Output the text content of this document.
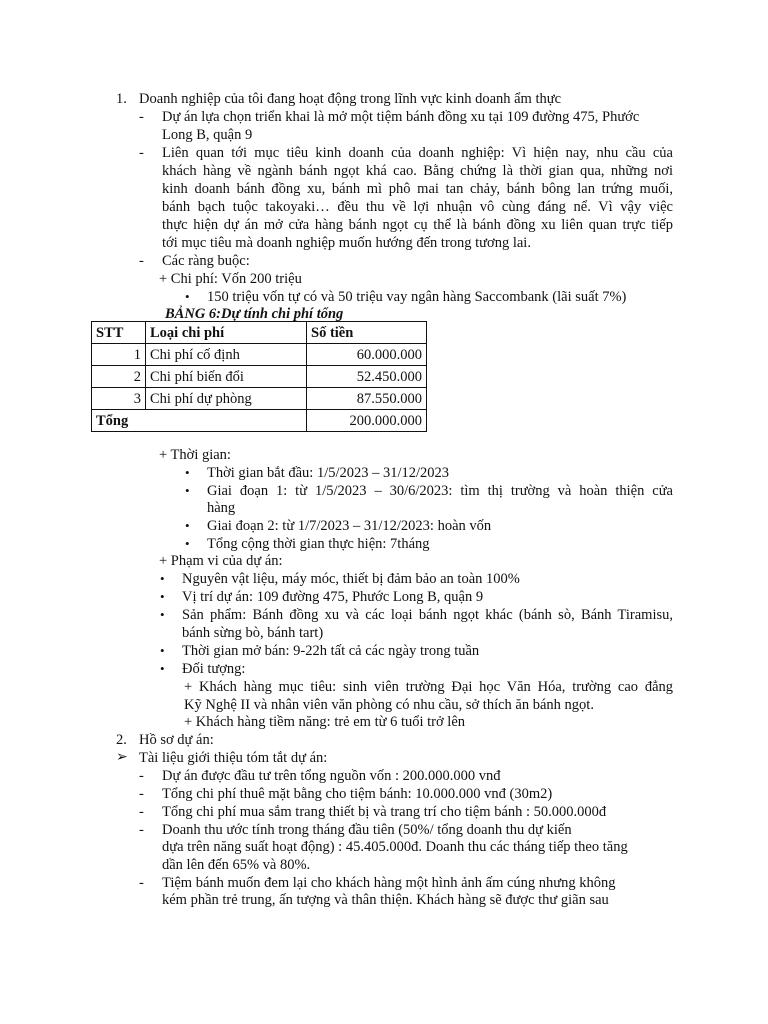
1. Doanh nghiệp của tôi đang hoạt động trong lĩnh vực kinh doanh ẩm thực
- Dự án lựa chọn triển khai là mở một tiệm bánh đồng xu tại 109 đường 475, Phước
Long B, quận 9
- Liên quan tới mục tiêu kinh doanh của doanh nghiệp: Vì hiện nay, nhu cầu của
khách hàng về ngành bánh ngọt khá cao. Bằng chứng là thời gian qua, những nơi
kinh doanh bánh đồng xu, bánh mì phô mai tan chảy, bánh bông lan trứng muối,
bánh bạch tuộc takoyaki… đều thu về lợi nhuận vô cùng đáng nể. Vì vậy việc
thực hiện dự án mở cửa hàng bánh ngọt cụ thể là bánh đồng xu liên quan trực tiếp
tới mục tiêu mà doanh nghiệp muốn hướng đến trong tương lai.
- Các ràng buộc:
+ Chi phí: Vốn 200 triệu
• 150 triệu vốn tự có và 50 triệu vay ngân hàng Saccombank (lãi suất 7%)
BẢNG 6:Dự tính chi phí tổng
STT	Loại chi phí	Số tiền
1	Chi phí cố định	60.000.000
2	Chi phí biến đổi	52.450.000
3	Chi phí dự phòng	87.550.000
Tổng		200.000.000
+ Thời gian:
• Thời gian bắt đầu: 1/5/2023 – 31/12/2023
• Giai đoạn 1: từ 1/5/2023 – 30/6/2023: tìm thị trường và hoàn thiện cửa
hàng
• Giai đoạn 2: từ 1/7/2023 – 31/12/2023: hoàn vốn
• Tổng cộng thời gian thực hiện: 7tháng
+ Phạm vi của dự án:
• Nguyên vật liệu, máy móc, thiết bị đảm bảo an toàn 100%
• Vị trí dự án: 109 đường 475, Phước Long B, quận 9
• Sản phẩm: Bánh đồng xu và các loại bánh ngọt khác (bánh sò, Bánh Tiramisu,
bánh sừng bò, bánh tart)
• Thời gian mở bán: 9-22h tất cả các ngày trong tuần
• Đối tượng:
+ Khách hàng mục tiêu: sinh viên trường Đại học Văn Hóa, trường cao đẳng
Kỹ Nghệ II và nhân viên văn phòng có nhu cầu, sở thích ăn bánh ngọt.
+ Khách hàng tiềm năng: trẻ em từ 6 tuổi trở lên
2. Hồ sơ dự án:
➢ Tài liệu giới thiệu tóm tắt dự án:
- Dự án được đầu tư trên tổng nguồn vốn : 200.000.000 vnđ
- Tổng chi phí thuê mặt bằng cho tiệm bánh: 10.000.000 vnđ (30m2)
- Tổng chi phí mua sắm trang thiết bị và trang trí cho tiệm bánh : 50.000.000đ
- Doanh thu ước tính trong tháng đầu tiên (50%/ tổng doanh thu dự kiến
dựa trên năng suất hoạt động) : 45.405.000đ. Doanh thu các tháng tiếp theo tăng
dần lên đến 65% và 80%.
- Tiệm bánh muốn đem lại cho khách hàng một hình ảnh ấm cúng nhưng không
kém phần trẻ trung, ấn tượng và thân thiện. Khách hàng sẽ được thư giãn sau
